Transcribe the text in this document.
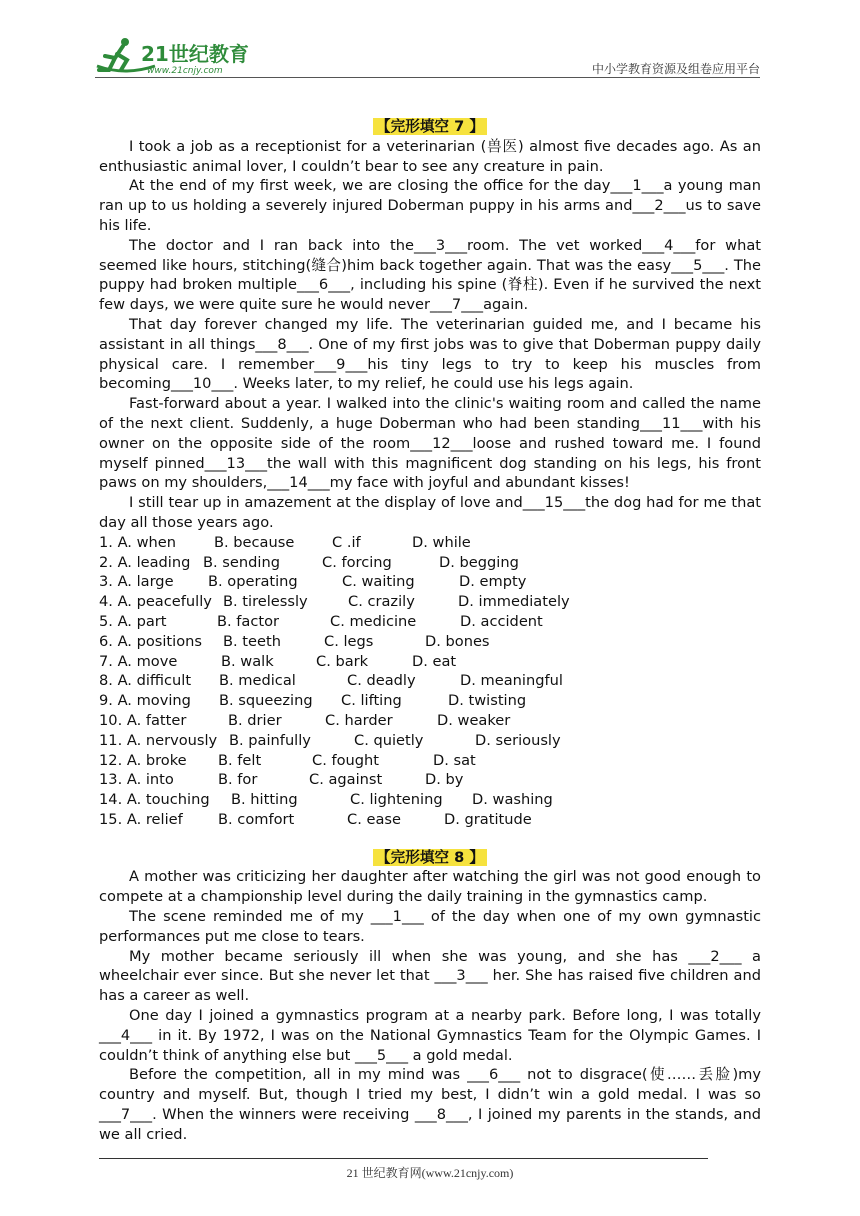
21世纪教育
www.21cnjy.com	中小学教育资源及组卷应用平台
【完形填空 7 】

I took a job as a receptionist for a veterinarian (兽医) almost five decades ago. As an enthusiastic animal lover, I couldn’t bear to see any creature in pain.

At the end of my first week, we are closing the office for the day___1___a young man ran up to us holding a severely injured Doberman puppy in his arms and___2___us to save his life.

The doctor and I ran back into the___3___room. The vet worked___4___for what seemed like hours, stitching(缝合)him back together again. That was the easy___5___. The puppy had broken multiple___6___, including his spine (脊柱). Even if he survived the next few days, we were quite sure he would never___7___again.

That day forever changed my life. The veterinarian guided me, and I became his assistant in all things___8___. One of my first jobs was to give that Doberman puppy daily physical care. I remember___9___his tiny legs to try to keep his muscles from becoming___10___. Weeks later, to my relief, he could use his legs again.

Fast-forward about a year. I walked into the clinic's waiting room and called the name of the next client. Suddenly, a huge Doberman who had been standing___11___with his owner on the opposite side of the room___12___loose and rushed toward me. I found myself pinned___13___the wall with this magnificent dog standing on his legs, his front paws on my shoulders,___14___my face with joyful and abundant kisses!

I still tear up in amazement at the display of love and___15___the dog had for me that day all those years ago.

1. A. when	B. because	C .if	D. while
2. A. leading B. sending	C. forcing	D. begging
3. A. large	B. operating	C. waiting	D. empty
4. A. peacefully B. tirelessly	C. crazily	D. immediately
5. A. part	B. factor	C. medicine	D. accident
6. A. positions	B. teeth	C. legs	D. bones
7. A. move	B. walk	C. bark	D. eat
8. A. difficult	B. medical	C. deadly	D. meaningful
9. A. moving	B. squeezing	C. lifting	D. twisting
10. A. fatter	B. drier	C. harder	D. weaker
11. A. nervously B. painfully	C. quietly	D. seriously
12. A. broke	B. felt	C. fought	D. sat
13. A. into	B. for	C. against	D. by
14. A. touching	B. hitting	C. lightening	D. washing
15. A. relief	B. comfort	C. ease	D. gratitude
【完形填空 8 】

A mother was criticizing her daughter after watching the girl was not good enough to compete at a championship level during the daily training in the gymnastics camp.

The scene reminded me of my ___1___ of the day when one of my own gymnastic performances put me close to tears.

My mother became seriously ill when she was young, and she has ___2___ a wheelchair ever since. But she never let that ___3___ her. She has raised five children and has a career as well.

One day I joined a gymnastics program at a nearby park. Before long, I was totally ___4___ in it. By 1972, I was on the National Gymnastics Team for the Olympic Games. I couldn’t think of anything else but ___5___ a gold medal.

Before the competition, all in my mind was ___6___ not to disgrace(使……丢脸)my country and myself. But, though I tried my best, I didn’t win a gold medal. I was so ___7___. When the winners were receiving ___8___, I joined my parents in the stands, and we all cried.

21 世纪教育网(www.21cnjy.com)
